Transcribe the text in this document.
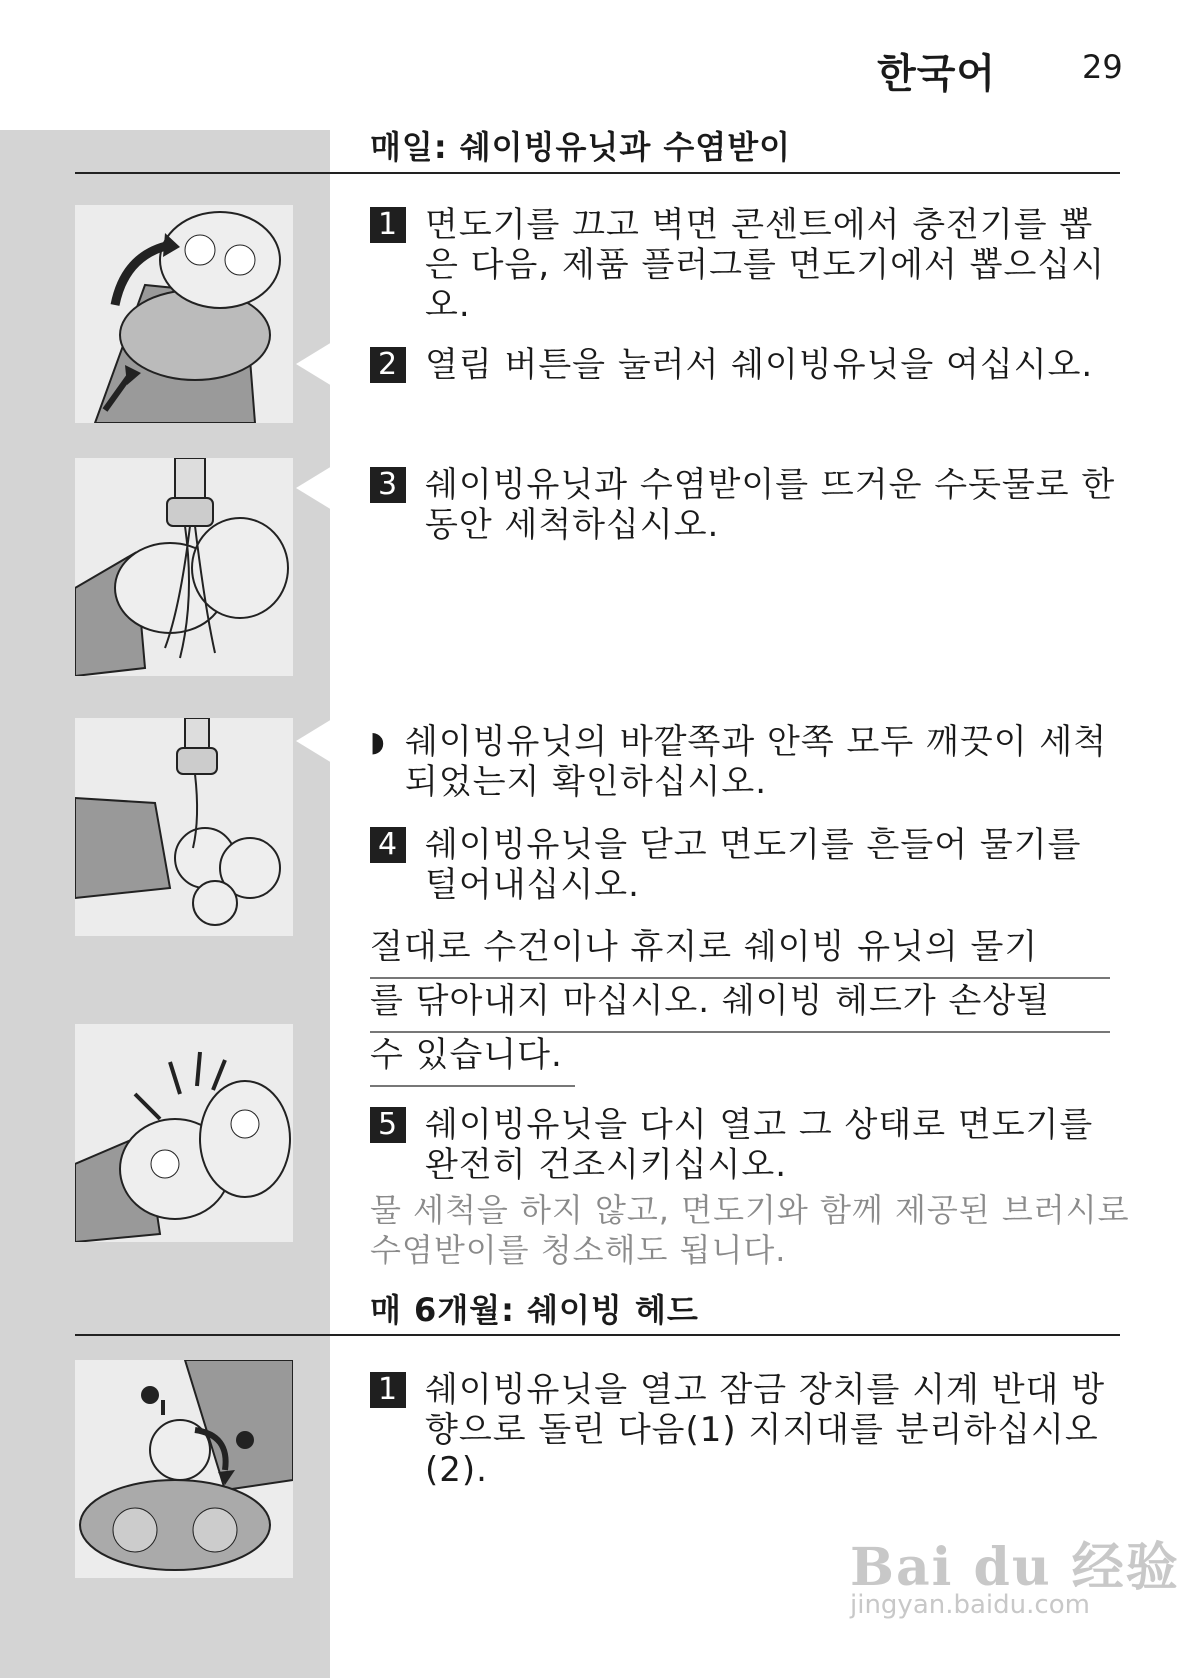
한국어	29
매일: 쉐이빙유닛과 수염받이
1 면도기를 끄고 벽면 콘센트에서 충전기를 뽑은 다음, 제품 플러그를 면도기에서 뽑으십시오.
2 열림 버튼을 눌러서 쉐이빙유닛을 여십시오.
3 쉐이빙유닛과 수염받이를 뜨거운 수돗물로 한동안 세척하십시오.
◗ 쉐이빙유닛의 바깥쪽과 안쪽 모두 깨끗이 세척되었는지 확인하십시오.
4 쉐이빙유닛을 닫고 면도기를 흔들어 물기를 털어내십시오.
절대로 수건이나 휴지로 쉐이빙 유닛의 물기
를 닦아내지 마십시오. 쉐이빙 헤드가 손상될
수 있습니다.
5 쉐이빙유닛을 다시 열고 그 상태로 면도기를 완전히 건조시키십시오.
물 세척을 하지 않고, 면도기와 함께 제공된 브러시로 수염받이를 청소해도 됩니다.
매 6개월: 쉐이빙 헤드
1 쉐이빙유닛을 열고 잠금 장치를 시계 반대 방향으로 돌린 다음(1) 지지대를 분리하십시오(2).
Bai du 经验
jingyan.baidu.com
